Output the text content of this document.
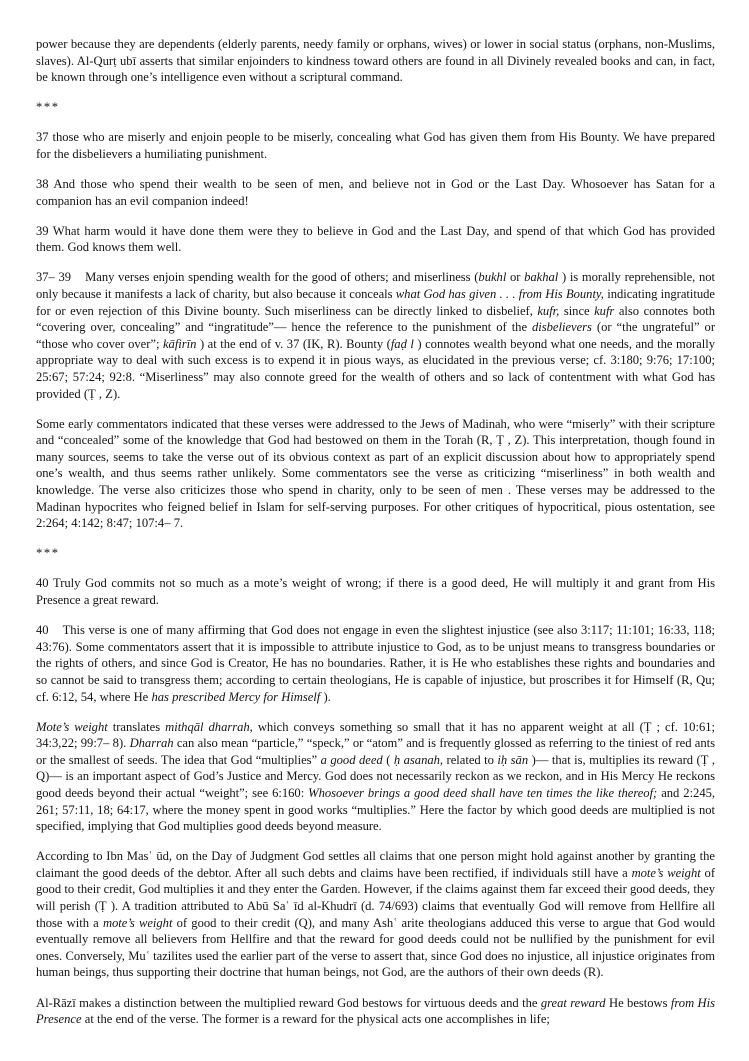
power because they are dependents (elderly parents, needy family or orphans, wives) or lower in social status (orphans, non-Muslims, slaves). Al-Qurṭ ubī asserts that similar enjoinders to kindness toward others are found in all Divinely revealed books and can, in fact, be known through one’s intelligence even without a scriptural command.

***

37 those who are miserly and enjoin people to be miserly, concealing what God has given them from His Bounty. We have prepared for the disbelievers a humiliating punishment.

38 And those who spend their wealth to be seen of men, and believe not in God or the Last Day. Whosoever has Satan for a companion has an evil companion indeed!

39 What harm would it have done them were they to believe in God and the Last Day, and spend of that which God has provided them. God knows them well.

37– 39 Many verses enjoin spending wealth for the good of others; and miserliness (bukhl or bakhal ) is morally reprehensible, not only because it manifests a lack of charity, but also because it conceals what God has given . . . from His Bounty, indicating ingratitude for or even rejection of this Divine bounty. Such miserliness can be directly linked to disbelief, kufr, since kufr also connotes both “covering over, concealing” and “ingratitude”— hence the reference to the punishment of the disbelievers (or “the ungrateful” or “those who cover over”; kāfirīn ) at the end of v. 37 (IK, R). Bounty (faḍ l ) connotes wealth beyond what one needs, and the morally appropriate way to deal with such excess is to expend it in pious ways, as elucidated in the previous verse; cf. 3:180; 9:76; 17:100; 25:67; 57:24; 92:8. “Miserliness” may also connote greed for the wealth of others and so lack of contentment with what God has provided (Ṭ , Z).

Some early commentators indicated that these verses were addressed to the Jews of Madinah, who were “miserly” with their scripture and “concealed” some of the knowledge that God had bestowed on them in the Torah (R, Ṭ , Z). This interpretation, though found in many sources, seems to take the verse out of its obvious context as part of an explicit discussion about how to appropriately spend one’s wealth, and thus seems rather unlikely. Some commentators see the verse as criticizing “miserliness” in both wealth and knowledge. The verse also criticizes those who spend in charity, only to be seen of men . These verses may be addressed to the Madinan hypocrites who feigned belief in Islam for self-serving purposes. For other critiques of hypocritical, pious ostentation, see 2:264; 4:142; 8:47; 107:4– 7.

***

40 Truly God commits not so much as a mote’s weight of wrong; if there is a good deed, He will multiply it and grant from His Presence a great reward.

40 This verse is one of many affirming that God does not engage in even the slightest injustice (see also 3:117; 11:101; 16:33, 118; 43:76). Some commentators assert that it is impossible to attribute injustice to God, as to be unjust means to transgress boundaries or the rights of others, and since God is Creator, He has no boundaries. Rather, it is He who establishes these rights and boundaries and so cannot be said to transgress them; according to certain theologians, He is capable of injustice, but proscribes it for Himself (R, Qu; cf. 6:12, 54, where He has prescribed Mercy for Himself ).

Mote’s weight translates mithqāl dharrah, which conveys something so small that it has no apparent weight at all (Ṭ ; cf. 10:61; 34:3,22; 99:7– 8). Dharrah can also mean “particle,” “speck,” or “atom” and is frequently glossed as referring to the tiniest of red ants or the smallest of seeds. The idea that God “multiplies” a good deed ( ḥ asanah, related to iḥ sān )— that is, multiplies its reward (Ṭ , Q)— is an important aspect of God’s Justice and Mercy. God does not necessarily reckon as we reckon, and in His Mercy He reckons good deeds beyond their actual “weight”; see 6:160: Whosoever brings a good deed shall have ten times the like thereof; and 2:245, 261; 57:11, 18; 64:17, where the money spent in good works “multiplies.” Here the factor by which good deeds are multiplied is not specified, implying that God multiplies good deeds beyond measure.

According to Ibn Masʿ ūd, on the Day of Judgment God settles all claims that one person might hold against another by granting the claimant the good deeds of the debtor. After all such debts and claims have been rectified, if individuals still have a mote’s weight of good to their credit, God multiplies it and they enter the Garden. However, if the claims against them far exceed their good deeds, they will perish (Ṭ ). A tradition attributed to Abū Saʿ īd al-Khudrī (d. 74/693) claims that eventually God will remove from Hellfire all those with a mote’s weight of good to their credit (Q), and many Ashʿ arite theologians adduced this verse to argue that God would eventually remove all believers from Hellfire and that the reward for good deeds could not be nullified by the punishment for evil ones. Conversely, Muʿ tazilites used the earlier part of the verse to assert that, since God does no injustice, all injustice originates from human beings, thus supporting their doctrine that human beings, not God, are the authors of their own deeds (R).

Al-Rāzī makes a distinction between the multiplied reward God bestows for virtuous deeds and the great reward He bestows from His Presence at the end of the verse. The former is a reward for the physical acts one accomplishes in life;
